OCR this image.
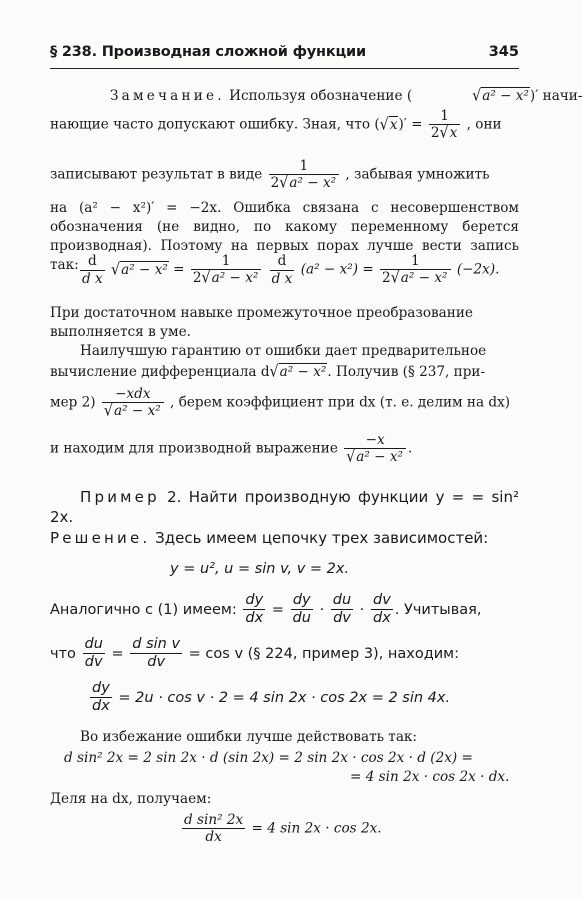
§ 238. Производная сложной функции	345
Замечание. Используя обозначение (	√a² − x²)′ начи-
нающие часто допускают ошибку. Зная, что $(√x)' = \frac{1}{2√x}$ , они
записывают результат в виде $\frac{1}{\text{2√a² − x²}}$ , забывая умножить
на (a² − x²)′ = −2x. Ошибка связана с несовершенством обозначения (не видно, по какому переменному берется производная). Поэтому на первых порах лучше вести запись так: $\frac{d}{\text{d x}} √a^2 - x^2 = \frac{1}{\text{2√a² − x²}}$
$\frac{d}{\text{d x}} (a^2 - x^2) = \frac{1}{\text{2√a² − x²}} (-2x)$.
При достаточном навыке промежуточное преобразование выполняется в уме.
Наилучшую гарантию от ошибки дает предварительное
вычисление дифференциала d√a² − x². Получив (§ 237, при-
мер 2)
−xdx
√a² − x²
, берем коэффициент при dx (т. е. делим на dx)
и находим для производной выражение $\frac{-x}{\text{√a² − x²}}$ .
Пример 2. Найти производную функции y = = sin² 2x.
Решение. Здесь имеем цепочку трех зависимостей:
y = u², u = sin v, v = 2x.
Аналогично с (1) имеем: $\frac{dy}{dx} = \frac{dy}{du} \cdot \frac{du}{dv} \cdot \frac{dv}{dx}$ . Учитывая,
что $\frac{du}{dv} = \frac{\text{d sin v}}{dv} = \cos v$ (§ 224, пример 3), находим:
$\frac{dy}{dx} = 2u \cdot \cos v \cdot 2 = 4$ sin 2x · cos 2x = 2 sin 4x.
Во избежание ошибки лучше действовать так:
d sin² 2x = 2 sin 2x · d (sin 2x) = 2 sin 2x · cos 2x · d (2x) =
= 4 sin 2x · cos 2x · dx.
Деля на dx, получаем:
$\frac{\text{d sin² 2x}}{dx} = 4$ sin 2x · cos 2x.
